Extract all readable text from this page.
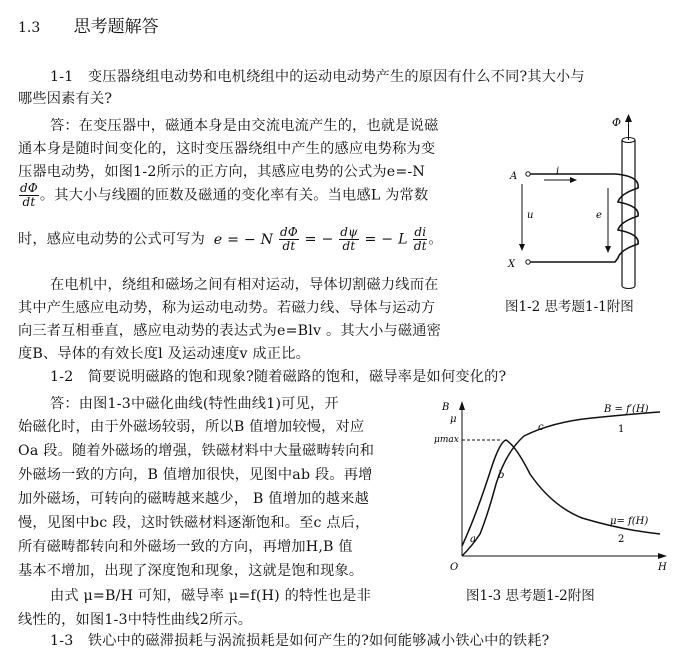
1.3 思考题解答
1-1　变压器绕组电动势和电机绕组中的运动电动势产生的原因有什么不同?其大小与
哪些因素有关?
答：在变压器中，磁通本身是由交流电流产生的，也就是说磁
通本身是随时间变化的，这时变压器绕组中产生的感应电势称为变
压器电动势，如图1-2所示的正方向，其感应电势的公式为e=-N
$\frac{d\Phi}{dt}$ 。其大小与线圈的匝数及磁通的变化率有关。当电感L 为常数
时，感应电动势的公式可写为 e = − N $\frac{d\Phi}{dt}$ = − $\frac{d\psi}{dt}$ = − L $\frac{di}{dt}$ 。
在电机中，绕组和磁场之间有相对运动，导体切割磁力线而在
其中产生感应电动势，称为运动电动势。若磁力线、导体与运动方
向三者互相垂直，感应电动势的表达式为e=Blv 。其大小与磁通密
度B、导体的有效长度l 及运动速度v 成正比。
Φ
A
X
i
u	e
图1-2 思考题1-1附图
1-2　简要说明磁路的饱和现象?随着磁路的饱和，磁导率是如何变化的?
答：由图1-3中磁化曲线(特性曲线1)可见，开
始磁化时，由于外磁场较弱，所以B 值增加较慢，对应
Oa 段。随着外磁场的增强，铁磁材料中大量磁畴转向和
外磁场一致的方向，B 值增加很快，见图中ab 段。再增
加外磁场，可转向的磁畴越来越少， B 值增加的越来越
慢，见图中bc 段，这时铁磁材料逐渐饱和。至c 点后，
所有磁畴都转向和外磁场一致的方向，再增加H,B 值
基本不增加，出现了深度饱和现象，这就是饱和现象。
由式 μ=B/H 可知，磁导率 μ=f(H) 的特性也是非
线性的，如图1-3中特性曲线2所示。
B
μ
μmax
O	H
a
b
c
B = f′(H)
1
μ= f(H)
2
图1-3 思考题1-2附图
1-3　铁心中的磁滞损耗与涡流损耗是如何产生的?如何能够减小铁心中的铁耗?
